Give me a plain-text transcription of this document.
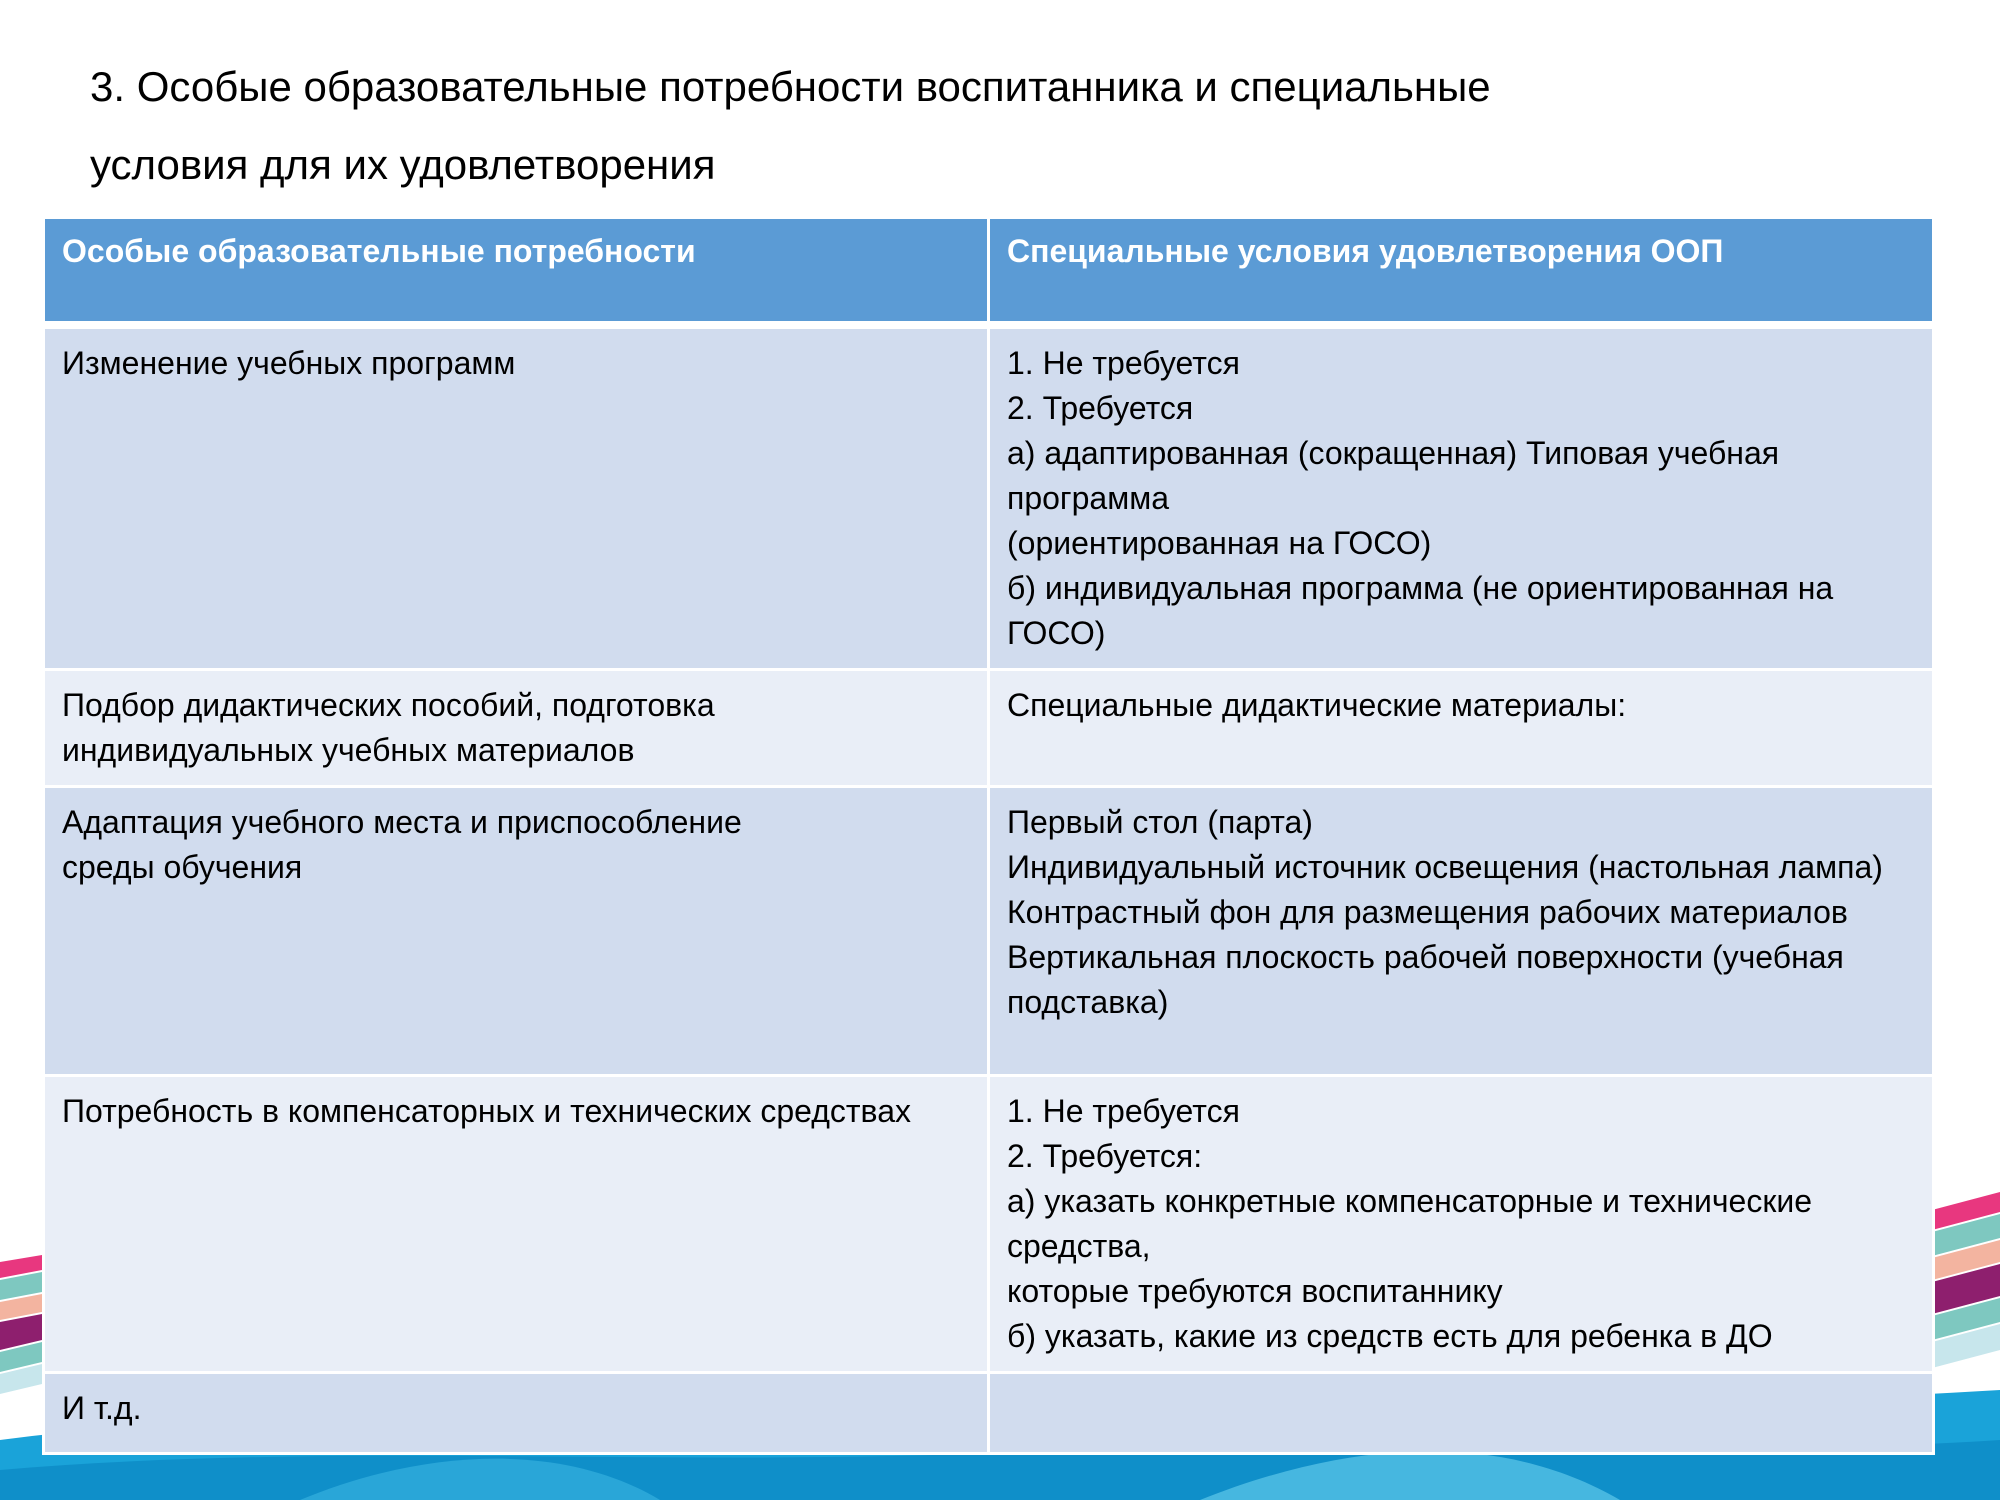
3. Особые образовательные потребности воспитанника и специальные
условия для их удовлетворения
Особые образовательные потребности	Специальные условия удовлетворения ООП

Изменение учебных программ	1. Не требуется
2. Требуется
а) адаптированная (сокращенная) Типовая учебная программа
(ориентированная на ГОСО)
б) индивидуальная программа (не ориентированная на ГОСО)

Подбор дидактических пособий, подготовка индивидуальных учебных материалов	Специальные дидактические материалы:

Адаптация учебного места и приспособление
среды обучения	Первый стол (парта)
Индивидуальный источник освещения (настольная лампа)
Контрастный фон для размещения рабочих материалов
Вертикальная плоскость рабочей поверхности (учебная подставка)

Потребность в компенсаторных и технических средствах	1. Не требуется
2. Требуется:
а) указать конкретные компенсаторные и технические средства,
которые требуются воспитаннику
б) указать, какие из средств есть для ребенка в ДО

И т.д.	
